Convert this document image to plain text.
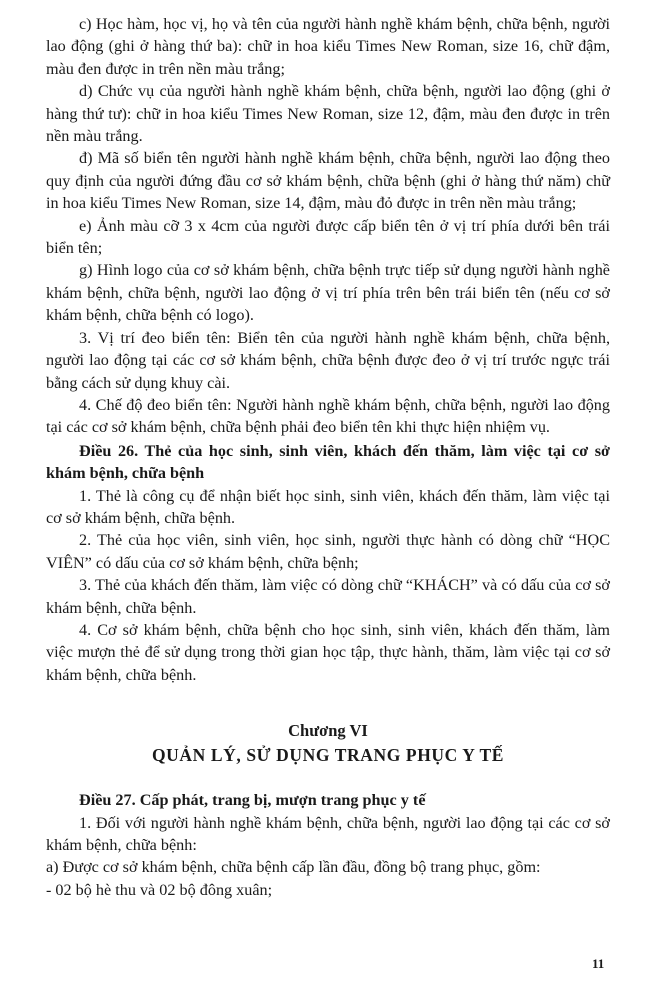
c) Học hàm, học vị, họ và tên của người hành nghề khám bệnh, chữa bệnh, người lao động (ghi ở hàng thứ ba): chữ in hoa kiểu Times New Roman, size 16, chữ đậm, màu đen được in trên nền màu trắng;

d) Chức vụ của người hành nghề khám bệnh, chữa bệnh, người lao động (ghi ở hàng thứ tư): chữ in hoa kiểu Times New Roman, size 12, đậm, màu đen được in trên nền màu trắng.

đ) Mã số biển tên người hành nghề khám bệnh, chữa bệnh, người lao động theo quy định của người đứng đầu cơ sở khám bệnh, chữa bệnh (ghi ở hàng thứ năm) chữ in hoa kiểu Times New Roman, size 14, đậm, màu đỏ được in trên nền màu trắng;

e) Ảnh màu cỡ 3 x 4cm của người được cấp biển tên ở vị trí phía dưới bên trái biển tên;

g) Hình logo của cơ sở khám bệnh, chữa bệnh trực tiếp sử dụng người hành nghề khám bệnh, chữa bệnh, người lao động ở vị trí phía trên bên trái biển tên (nếu cơ sở khám bệnh, chữa bệnh có logo).

3. Vị trí đeo biển tên: Biển tên của người hành nghề khám bệnh, chữa bệnh, người lao động tại các cơ sở khám bệnh, chữa bệnh được đeo ở vị trí trước ngực trái bằng cách sử dụng khuy cài.

4. Chế độ đeo biển tên: Người hành nghề khám bệnh, chữa bệnh, người lao động tại các cơ sở khám bệnh, chữa bệnh phải đeo biển tên khi thực hiện nhiệm vụ.

Điều 26. Thẻ của học sinh, sinh viên, khách đến thăm, làm việc tại cơ sở khám bệnh, chữa bệnh

1. Thẻ là công cụ để nhận biết học sinh, sinh viên, khách đến thăm, làm việc tại cơ sở khám bệnh, chữa bệnh.

2. Thẻ của học viên, sinh viên, học sinh, người thực hành có dòng chữ “HỌC VIÊN” có dấu của cơ sở khám bệnh, chữa bệnh;

3. Thẻ của khách đến thăm, làm việc có dòng chữ “KHÁCH” và có dấu của cơ sở khám bệnh, chữa bệnh.

4. Cơ sở khám bệnh, chữa bệnh cho học sinh, sinh viên, khách đến thăm, làm việc mượn thẻ để sử dụng trong thời gian học tập, thực hành, thăm, làm việc tại cơ sở khám bệnh, chữa bệnh.

Chương VI
QUẢN LÝ, SỬ DỤNG TRANG PHỤC Y TẾ

Điều 27. Cấp phát, trang bị, mượn trang phục y tế

1. Đối với người hành nghề khám bệnh, chữa bệnh, người lao động tại các cơ sở khám bệnh, chữa bệnh:

a) Được cơ sở khám bệnh, chữa bệnh cấp lần đầu, đồng bộ trang phục, gồm:

- 02 bộ hè thu và 02 bộ đông xuân;

11
